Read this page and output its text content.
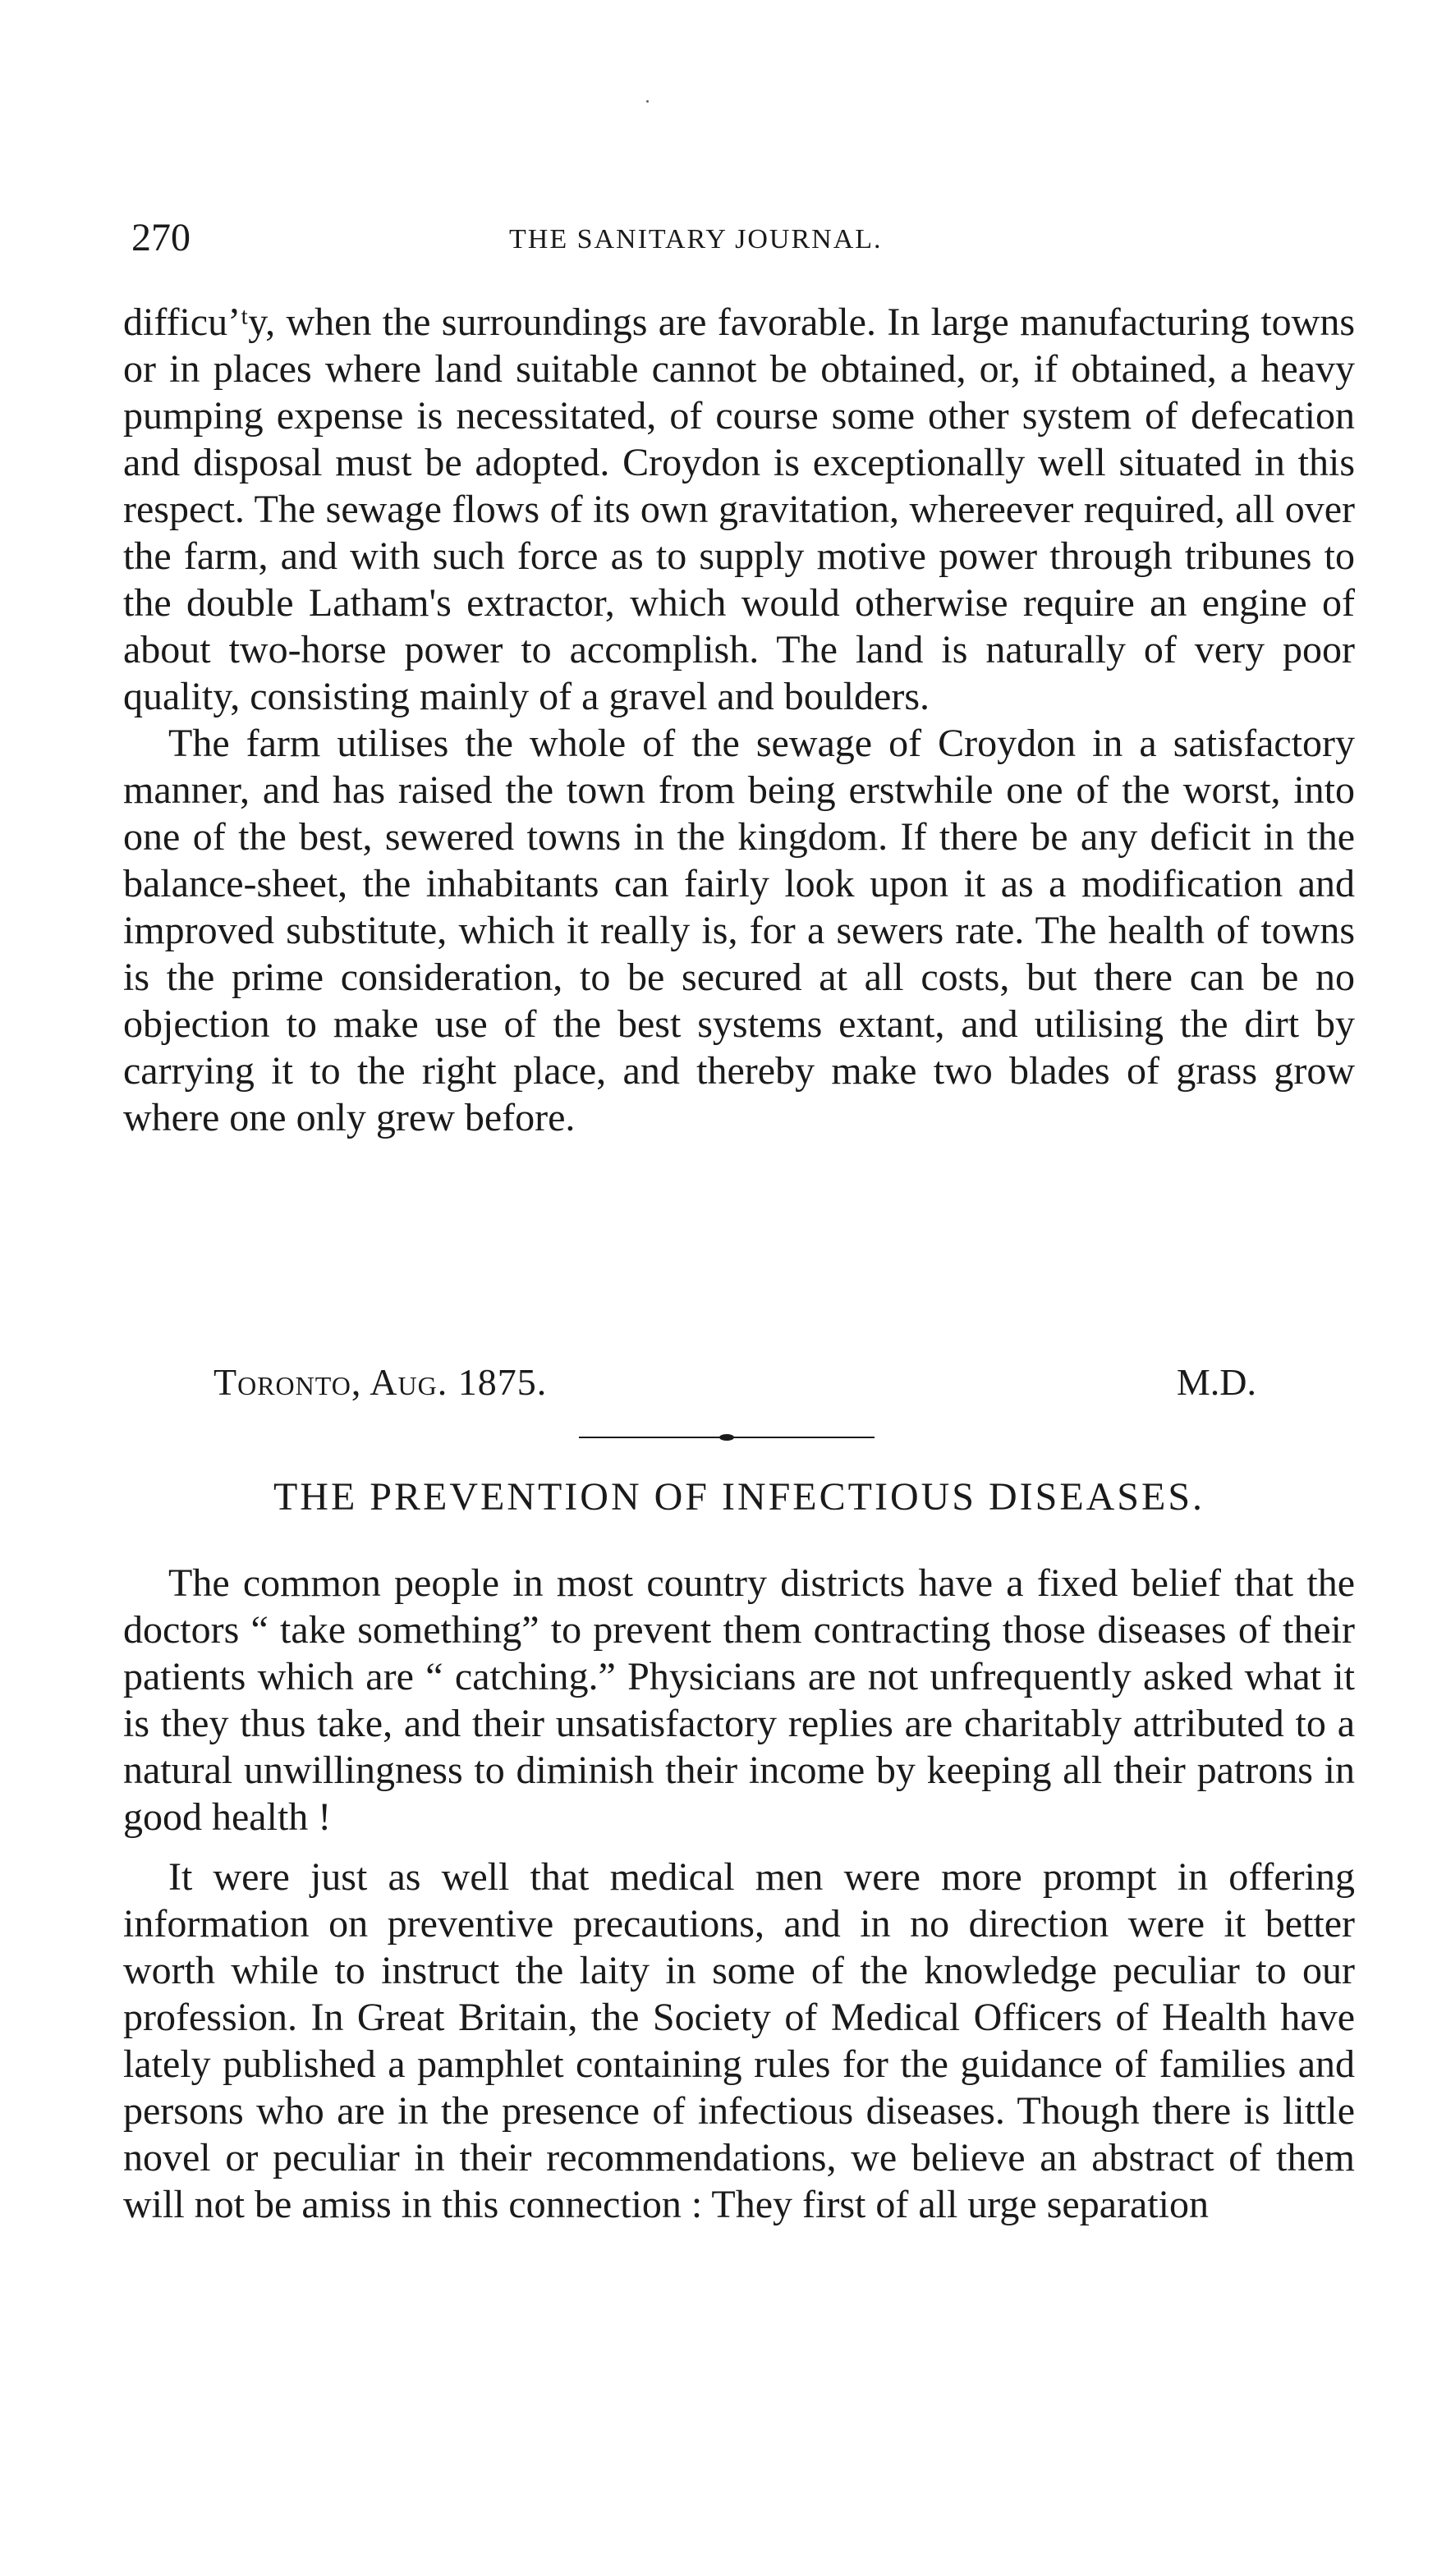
270	THE SANITARY JOURNAL.

difficuʼᵗy, when the surroundings are favorable. In large manufacturing towns or in places where land suitable cannot be obtained, or, if obtained, a heavy pumping expense is necessitated, of course some other system of defecation and disposal must be adopted. Croydon is exceptionally well situated in this respect. The sewage flows of its own gravitation, whereever required, all over the farm, and with such force as to supply motive power through tribunes to the double Latham's extractor, which would otherwise require an engine of about two-horse power to accomplish. The land is naturally of very poor quality, consisting mainly of a gravel and boulders.

The farm utilises the whole of the sewage of Croydon in a satisfactory manner, and has raised the town from being erstwhile one of the worst, into one of the best, sewered towns in the kingdom. If there be any deficit in the balance-sheet, the inhabitants can fairly look upon it as a modification and improved substitute, which it really is, for a sewers rate. The health of towns is the prime consideration, to be secured at all costs, but there can be no objection to make use of the best systems extant, and utilising the dirt by carrying it to the right place, and thereby make two blades of grass grow where one only grew before.

Toronto, Aug. 1875.	M.D.
THE PREVENTION OF INFECTIOUS DISEASES.

The common people in most country districts have a fixed belief that the doctors “ take something” to prevent them contracting those diseases of their patients which are “ catching.” Physicians are not unfrequently asked what it is they thus take, and their unsatisfactory replies are charitably attributed to a natural unwillingness to diminish their income by keeping all their patrons in good health !

It were just as well that medical men were more prompt in offering information on preventive precautions, and in no direction were it better worth while to instruct the laity in some of the knowledge peculiar to our profession. In Great Britain, the Society of Medical Officers of Health have lately published a pamphlet containing rules for the guidance of families and persons who are in the presence of infectious diseases. Though there is little novel or peculiar in their recommendations, we believe an abstract of them will not be amiss in this connection : They first of all urge separation
